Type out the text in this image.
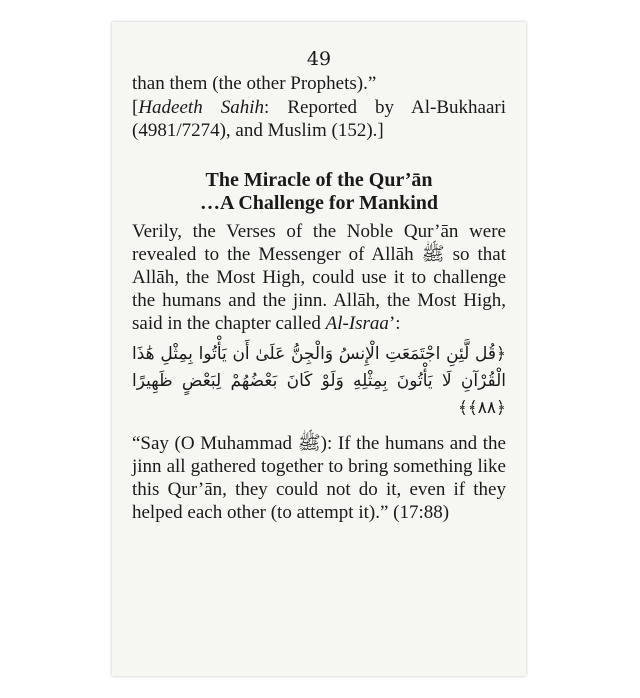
49

than them (the other Prophets).”

[Hadeeth Sahih: Reported by Al-Bukhaari (4981/7274), and Muslim (152).]

The Miracle of the Qur’ān
…A Challenge for Mankind

Verily, the Verses of the Noble Qur’ān were revealed to the Messenger of Allāh ﷺ so that Allāh, the Most High, could use it to challenge the humans and the jinn. Allāh, the Most High, said in the chapter called Al-Israa’:

﴿قُل لَّئِنِ اجْتَمَعَتِ الْإِنسُ وَالْجِنُّ عَلَىٰ أَن يَأْتُوا بِمِثْلِ هَٰذَا الْقُرْآنِ لَا يَأْتُونَ بِمِثْلِهِ وَلَوْ كَانَ بَعْضُهُمْ لِبَعْضٍ ظَهِيرًا ﴿٨٨﴾﴾

“Say (O Muhammad ﷺ): If the humans and the jinn all gathered together to bring something like this Qur’ān, they could not do it, even if they helped each other (to attempt it).” (17:88)
